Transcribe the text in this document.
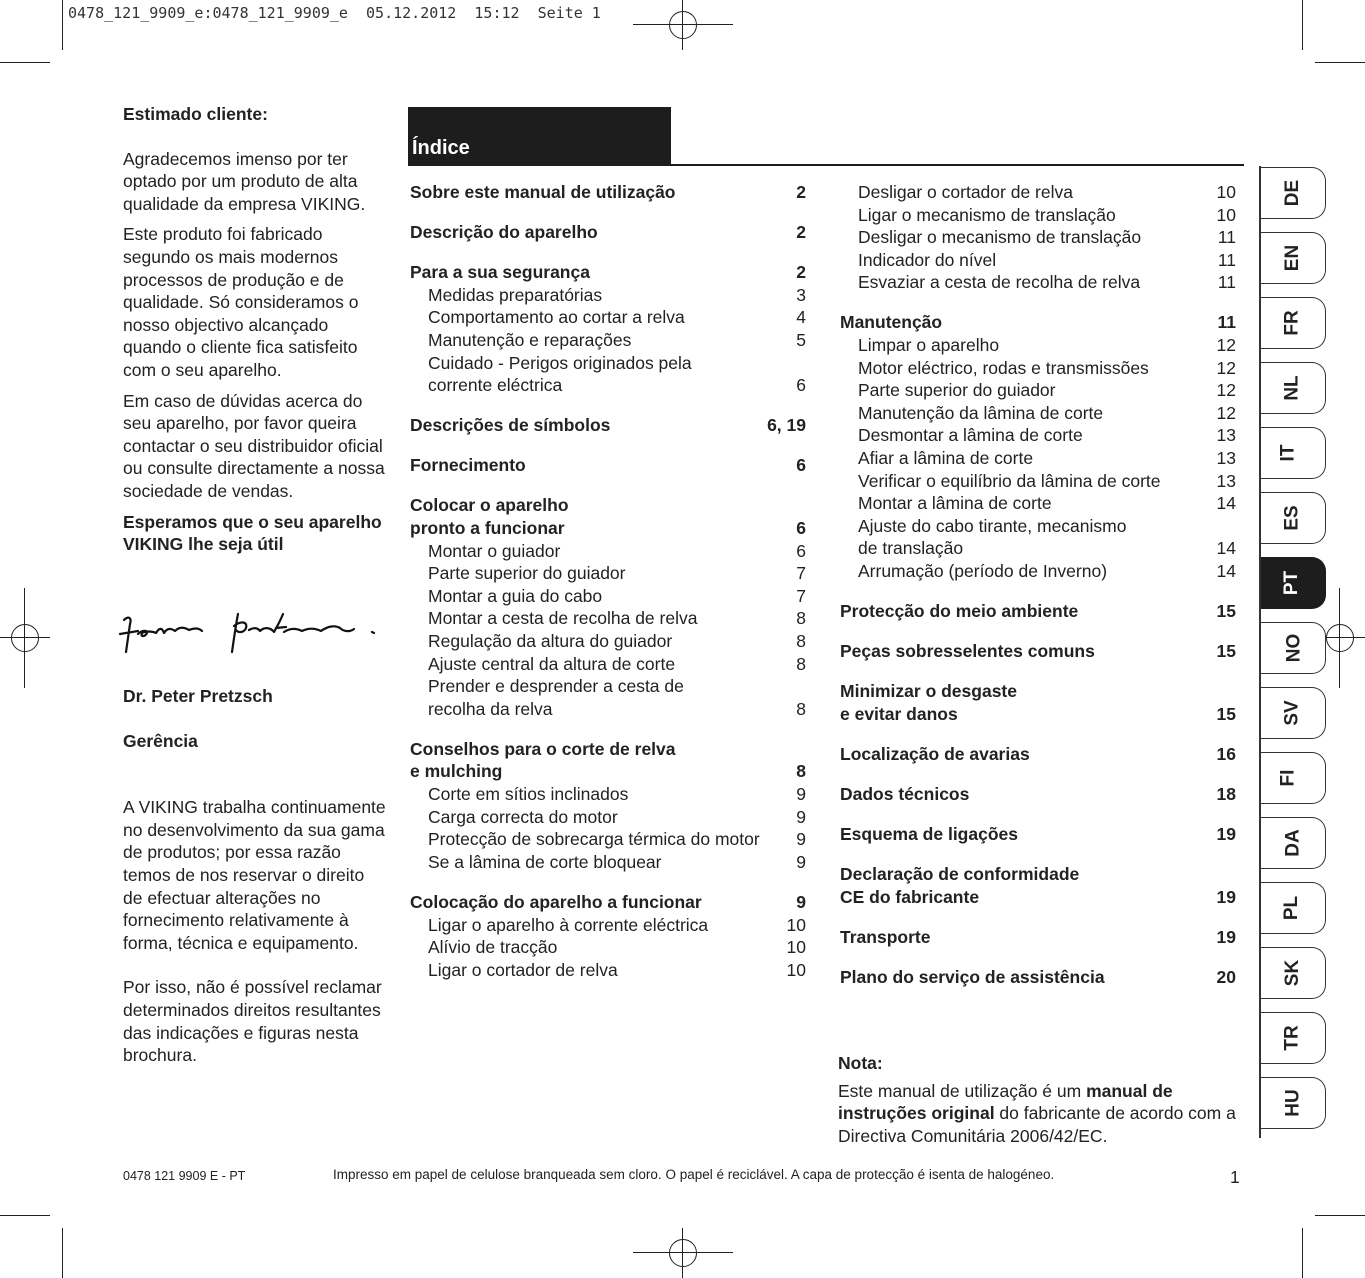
0478_121_9909_e:0478_121_9909_e  05.12.2012  15:12  Seite 1

Estimado cliente:

Agradecemos imenso por ter optado por um produto de alta qualidade da empresa VIKING.

Este produto foi fabricado segundo os mais modernos processos de produção e de qualidade. Só consideramos o nosso objectivo alcançado quando o cliente fica satisfeito com o seu aparelho.

Em caso de dúvidas acerca do seu aparelho, por favor queira contactar o seu distribuidor oficial ou consulte directamente a nossa sociedade de vendas.

Esperamos que o seu aparelho VIKING lhe seja útil

Dr. Peter Pretzsch

Gerência

A VIKING trabalha continuamente no desenvolvimento da sua gama de produtos; por essa razão temos de nos reservar o direito de efectuar alterações no fornecimento relativamente à forma, técnica e equipamento.

Por isso, não é possível reclamar determinados direitos resultantes das indicações e figuras nesta brochura.

Índice
Sobre este manual de utilização	2
Descrição do aparelho	2
Para a sua segurança	2
Medidas preparatórias	3
Comportamento ao cortar a relva	4
Manutenção e reparações	5
Cuidado - Perigos originados pela
corrente eléctrica	6
Descrições de símbolos	6, 19
Fornecimento	6
Colocar o aparelho
pronto a funcionar	6
Montar o guiador	6
Parte superior do guiador	7
Montar a guia do cabo	7
Montar a cesta de recolha de relva	8
Regulação da altura do guiador	8
Ajuste central da altura de corte	8
Prender e desprender a cesta de
recolha da relva	8
Conselhos para o corte de relva
e mulching	8
Corte em sítios inclinados	9
Carga correcta do motor	9
Protecção de sobrecarga térmica do motor 9
Se a lâmina de corte bloquear	9
Colocação do aparelho a funcionar	9
Ligar o aparelho à corrente eléctrica	10
Alívio de tracção	10
Ligar o cortador de relva	10
Desligar o cortador de relva	10
Ligar o mecanismo de translação	10
Desligar o mecanismo de translação	11
Indicador do nível	11
Esvaziar a cesta de recolha de relva	11
Manutenção	11
Limpar o aparelho	12
Motor eléctrico, rodas e transmissões	12
Parte superior do guiador	12
Manutenção da lâmina de corte	12
Desmontar a lâmina de corte	13
Afiar a lâmina de corte	13
Verificar o equilíbrio da lâmina de corte	13
Montar a lâmina de corte	14
Ajuste do cabo tirante, mecanismo
de translação	14
Arrumação (período de Inverno)	14
Protecção do meio ambiente	15
Peças sobresselentes comuns	15
Minimizar o desgaste
e evitar danos	15
Localização de avarias	16
Dados técnicos	18
Esquema de ligações	19
Declaração de conformidade
CE do fabricante	19
Transporte	19
Plano do serviço de assistência	20
DE
EN
FR
NL
IT
ES
PT
NO
SV
FI
DA
PL
SK
TR
HU

Nota:

Este manual de utilização é um manual de instruções original do fabricante de acordo com a Directiva Comunitária 2006/42/EC.

0478 121 9909 E - PT	Impresso em papel de celulose branqueada sem cloro. O papel é reciclável. A capa de protecção é isenta de halogéneo.	1
